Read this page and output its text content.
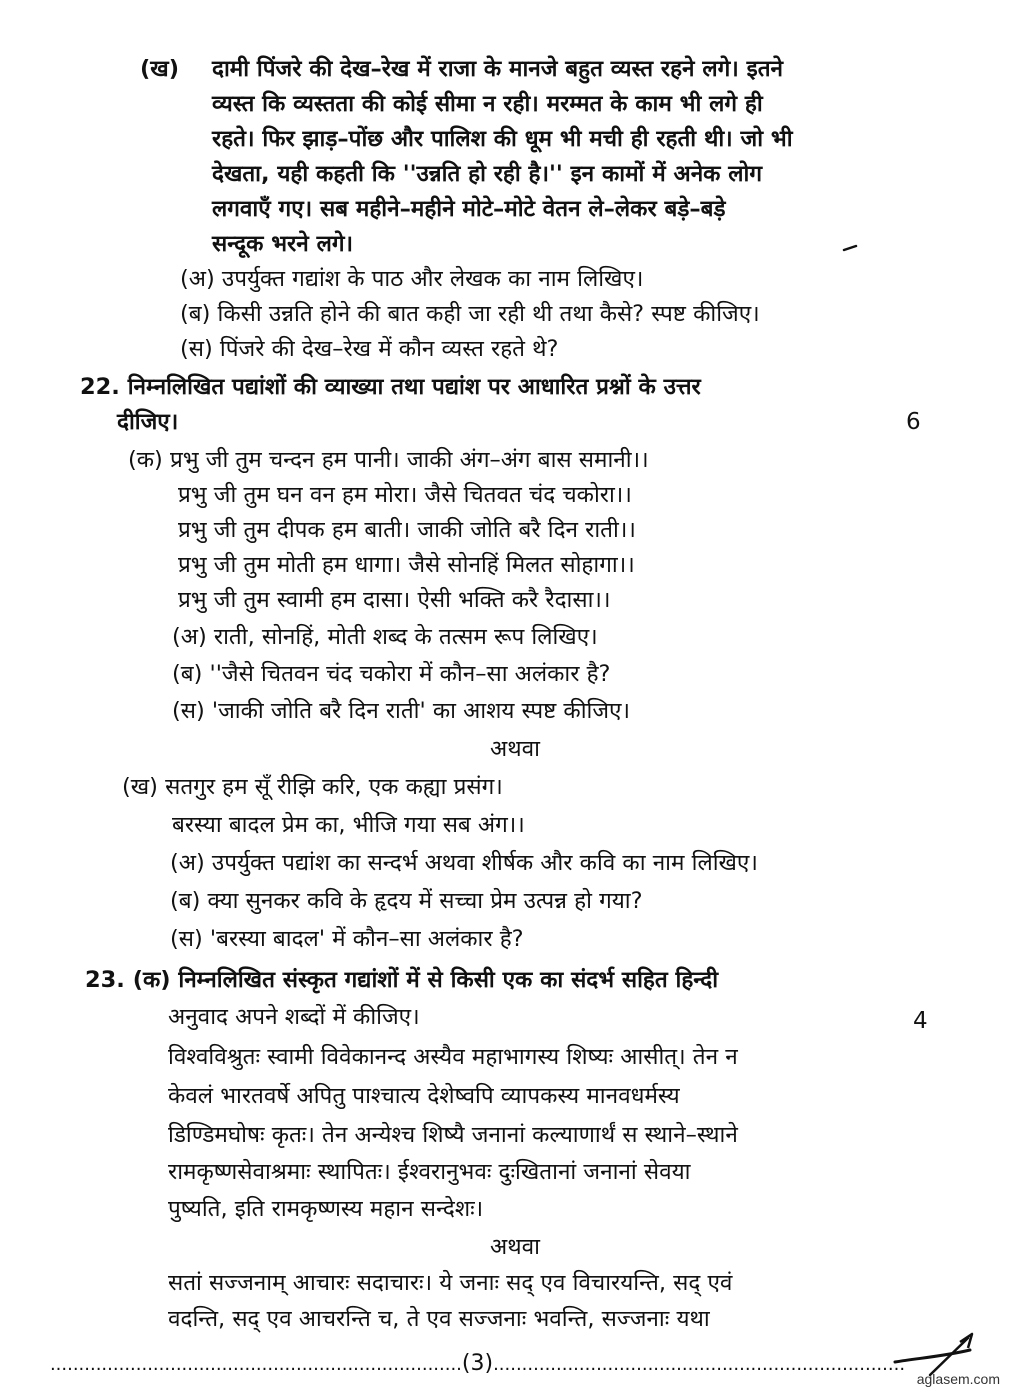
(ख) दामी पिंजरे की देख–रेख में राजा के मानजे बहुत व्यस्त रहने लगे। इतने
व्यस्त कि व्यस्तता की कोई सीमा न रही। मरम्मत के काम भी लगे ही
रहते। फिर झाड़–पोंछ और पालिश की धूम भी मची ही रहती थी। जो भी
देखता, यही कहती कि ''उन्नति हो रही है।'' इन कामों में अनेक लोग
लगवाएँ गए। सब महीने–महीने मोटे–मोटे वेतन ले–लेकर बड़े–बड़े
सन्दूक भरने लगे।
(अ) उपर्युक्त गद्यांश के पाठ और लेखक का नाम लिखिए।
(ब) किसी उन्नति होने की बात कही जा रही थी तथा कैसे? स्पष्ट कीजिए।
(स) पिंजरे की देख–रेख में कौन व्यस्त रहते थे?
22. निम्नलिखित पद्यांशों की व्याख्या तथा पद्यांश पर आधारित प्रश्नों के उत्तर
दीजिए।	6
(क) प्रभु जी तुम चन्दन हम पानी। जाकी अंग–अंग बास समानी।।
प्रभु जी तुम घन वन हम मोरा। जैसे चितवत चंद चकोरा।।
प्रभु जी तुम दीपक हम बाती। जाकी जोति बरै दिन राती।।
प्रभु जी तुम मोती हम धागा। जैसे सोनहिं मिलत सोहागा।।
प्रभु जी तुम स्वामी हम दासा। ऐसी भक्ति करै रैदासा।।
(अ) राती, सोनहिं, मोती शब्द के तत्सम रूप लिखिए।
(ब) ''जैसे चितवन चंद चकोरा में कौन–सा अलंकार है?
(स) 'जाकी जोति बरै दिन राती' का आशय स्पष्ट कीजिए।
अथवा
(ख) सतगुर हम सूँ रीझि करि, एक कह्या प्रसंग।
बरस्या बादल प्रेम का, भीजि गया सब अंग।।
(अ) उपर्युक्त पद्यांश का सन्दर्भ अथवा शीर्षक और कवि का नाम लिखिए।
(ब) क्या सुनकर कवि के हृदय में सच्चा प्रेम उत्पन्न हो गया?
(स) 'बरस्या बादल' में कौन–सा अलंकार है?
23. (क) निम्नलिखित संस्कृत गद्यांशों में से किसी एक का संदर्भ सहित हिन्दी
अनुवाद अपने शब्दों में कीजिए।	4
विश्वविश्रुतः स्वामी विवेकानन्द अस्यैव महाभागस्य शिष्यः आसीत्। तेन न
केवलं भारतवर्षे अपितु पाश्चात्य देशेष्वपि व्यापकस्य मानवधर्मस्य
डिण्डिमघोषः कृतः। तेन अन्येश्च शिष्यै जनानां कल्याणार्थं स स्थाने–स्थाने
रामकृष्णसेवाश्रमाः स्थापितः। ईश्वरानुभवः दुःखितानां जनानां सेवया
पुष्यति, इति रामकृष्णस्य महान सन्देशः।
अथवा
सतां सज्जनाम् आचारः सदाचारः। ये जनाः सद् एव विचारयन्ति, सद् एवं
वदन्ति, सद् एव आचरन्ति च, ते एव सज्जनाः भवन्ति, सज्जनाः यथा
........................................................................(3)........................................................................
aglasem.com
